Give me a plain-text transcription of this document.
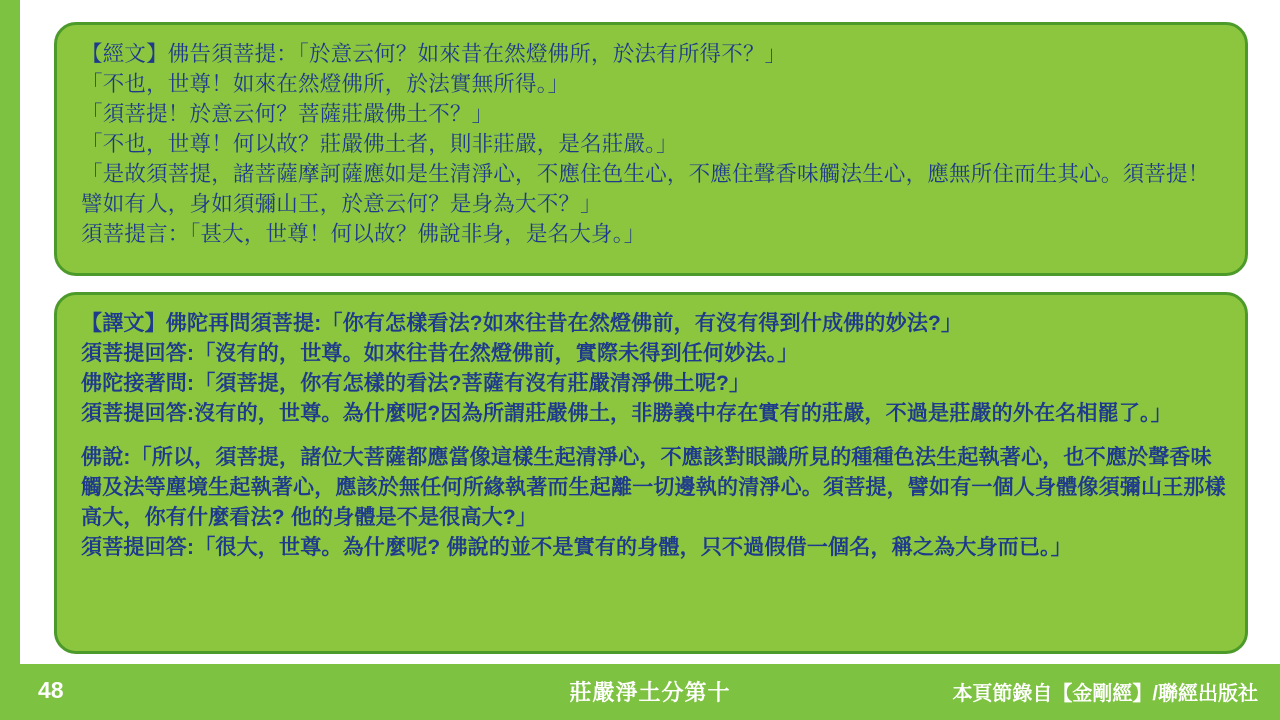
【經文】佛告須菩提：「於意云何？如來昔在然燈佛所，於法有所得不？」
「不也，世尊！如來在然燈佛所，於法實無所得。」
「須菩提！於意云何？菩薩莊嚴佛土不？」
「不也，世尊！何以故？莊嚴佛土者，則非莊嚴，是名莊嚴。」
「是故須菩提，諸菩薩摩訶薩應如是生清淨心，不應住色生心，不應住聲香味觸法生心，應無所住而生其心。須菩提！譬如有人，身如須彌山王，於意云何？是身為大不？」
須菩提言：「甚大，世尊！何以故？佛說非身，是名大身。」
【譯文】佛陀再問須菩提:「你有怎樣看法?如來往昔在然燈佛前，有沒有得到什成佛的妙法?」
須菩提回答:「沒有的，世尊。如來往昔在然燈佛前，實際未得到任何妙法。」
佛陀接著問:「須菩提，你有怎樣的看法?菩薩有沒有莊嚴清淨佛土呢?」
須菩提回答:沒有的，世尊。為什麼呢?因為所謂莊嚴佛土，非勝義中存在實有的莊嚴，不過是莊嚴的外在名相罷了。」
佛說:「所以，須菩提，諸位大菩薩都應當像這樣生起清淨心，不應該對眼識所見的種種色法生起執著心，也不應於聲香味觸及法等塵境生起執著心，應該於無任何所緣執著而生起離一切邊執的清淨心。須菩提，譬如有一個人身體像須彌山王那樣高大，你有什麼看法? 他的身體是不是很高大?」
須菩提回答:「很大，世尊。為什麼呢? 佛說的並不是實有的身體，只不過假借一個名，稱之為大身而已。」
48	莊嚴淨土分第十	本頁節錄自【金剛經】/聯經出版社
